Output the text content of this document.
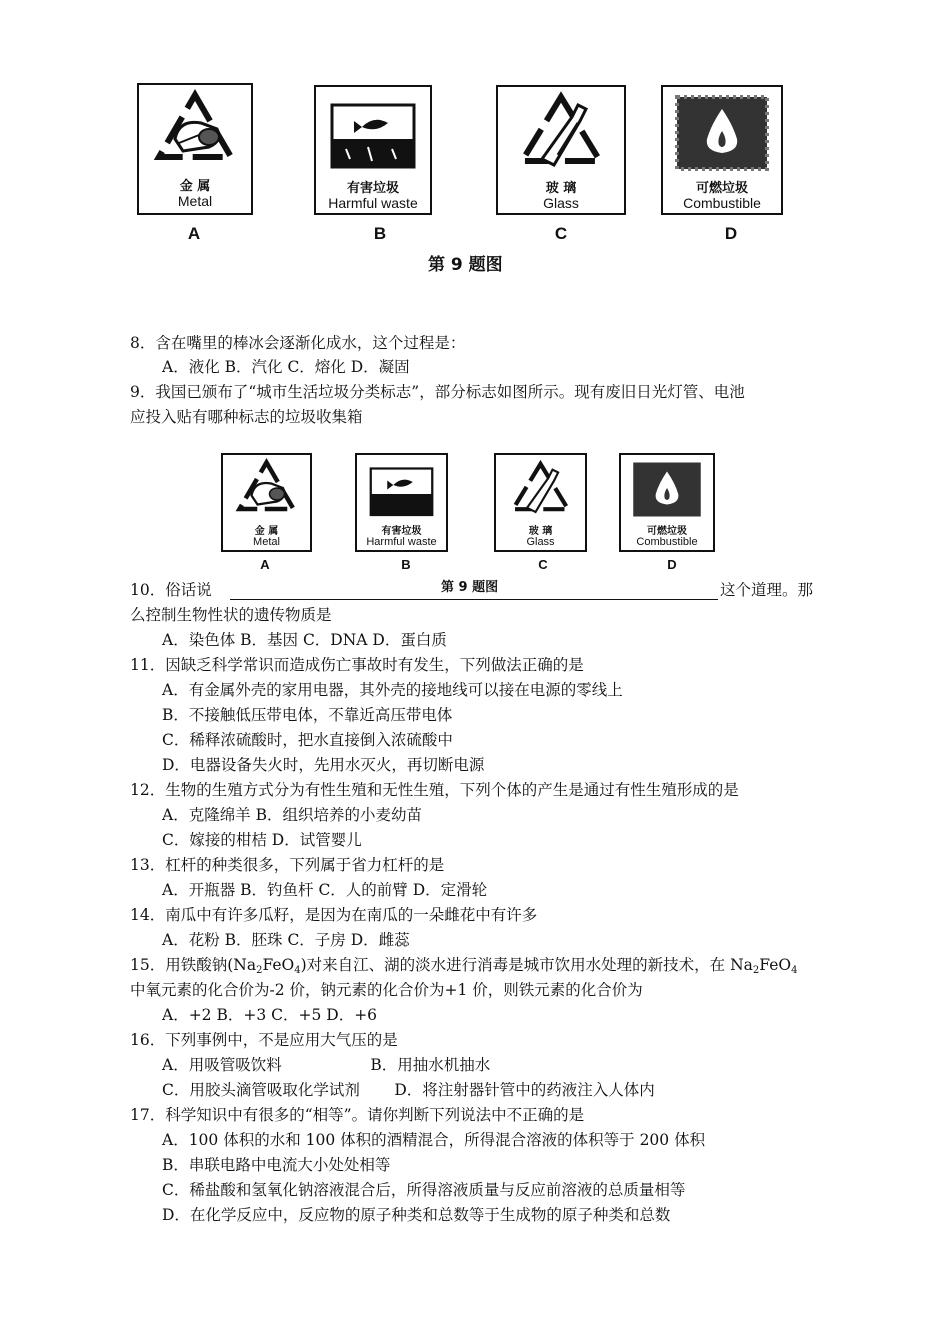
金 属
Metal
有害垃圾
Harmful waste
玻 璃
Glass
可燃垃圾
Combustible
A	B	C	D
第 9 题图
8．含在嘴里的棒冰会逐渐化成水，这个过程是：
A．液化 B．汽化 C．熔化 D．凝固
9．我国已颁布了“城市生活垃圾分类标志”，部分标志如图所示。现有废旧日光灯管、电池
应投入贴有哪种标志的垃圾收集箱
10．俗话说	这个道理。那
么控制生物性状的遗传物质是
A．染色体 B．基因 C．DNA D．蛋白质
金 属
Metal
有害垃圾
Harmful waste
玻 璃
Glass
可燃垃圾
Combustible
A	B	C	D
第 9 题图
11．因缺乏科学常识而造成伤亡事故时有发生，下列做法正确的是
A．有金属外壳的家用电器，其外壳的接地线可以接在电源的零线上
B．不接触低压带电体，不靠近高压带电体
C．稀释浓硫酸时，把水直接倒入浓硫酸中
D．电器设备失火时，先用水灭火，再切断电源
12．生物的生殖方式分为有性生殖和无性生殖，下列个体的产生是通过有性生殖形成的是
A．克隆绵羊 B．组织培养的小麦幼苗
C．嫁接的柑桔 D．试管婴儿
13．杠杆的种类很多，下列属于省力杠杆的是
A．开瓶器 B．钓鱼杆 C．人的前臂 D．定滑轮
14．南瓜中有许多瓜籽，是因为在南瓜的一朵雌花中有许多
A．花粉 B．胚珠 C．子房 D．雌蕊
15．用铁酸钠$(Na_2FeO_4)$对来自江、湖的淡水进行消毒是城市饮用水处理的新技术，在 $Na_2FeO_4$
中氧元素的化合价为-2 价，钠元素的化合价为+1 价，则铁元素的化合价为
A．+2 B．+3 C．+5 D．+6
16．下列事例中，不是应用大气压的是
A．用吸管吸饮料                  B．用抽水机抽水
C．用胶头滴管吸取化学试剂       D．将注射器针管中的药液注入人体内
17．科学知识中有很多的“相等”。请你判断下列说法中不正确的是
A．100 体积的水和 100 体积的酒精混合，所得混合溶液的体积等于 200 体积
B．串联电路中电流大小处处相等
C．稀盐酸和氢氧化钠溶液混合后，所得溶液质量与反应前溶液的总质量相等
D．在化学反应中，反应物的原子种类和总数等于生成物的原子种类和总数
